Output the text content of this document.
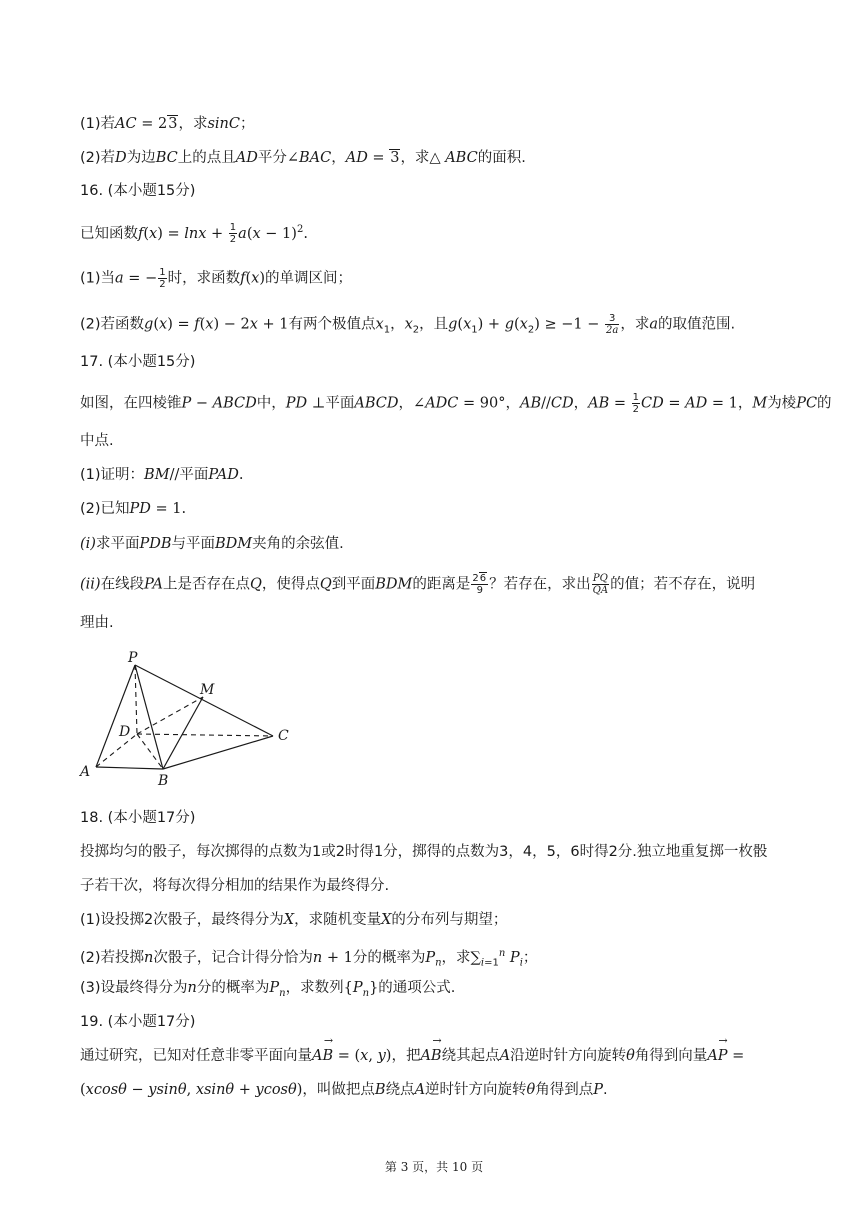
(1)若AC = 23，求sinC；
(2)若D为边BC上的点且AD平分∠BAC，AD = 3，求△ ABC的面积.
16. (本小题15分)
已知函数$f(x) = \ln x + \frac{1}{2} a(x - 1)^2$.
(1)当a = − $\frac{1}{2}$ 时，求函数f(x)的单调区间；
(2)若函数g(x) = f(x) − 2x + 1有两个极值点$x_1$，$x_2$，且$g(x_1) + g(x_2) \ge -1 - \frac{3}{2a}$ ，求a的取值范围.
17. (本小题15分)
如图，在四棱锥P − ABCD中，PD ⊥平面ABCD，∠ADC = 90°，AB//CD，AB = $\frac{1}{2}$ CD = AD = 1，M为棱PC的
中点.
(1)证明：BM//平面PAD.
(2)已知PD = 1.
(i)求平面PDB与平面BDM夹角的余弦值.
(ii)在线段PA上是否存在点Q，使得点Q到平面BDM的距离是 $\frac{26}{9}$ ？若存在，求出 $\frac{PQ}{QA}$ 的值；若不存在，说明
理由.
P
M
D	C
A
B
18. (本小题17分)
投掷均匀的骰子，每次掷得的点数为1或2时得1分，掷得的点数为3，4，5，6时得2分.独立地重复掷一枚骰
子若干次，将每次得分相加的结果作为最终得分.
(1)设投掷2次骰子，最终得分为X，求随机变量X的分布列与期望；
(2)若投掷n次骰子，记合计得分恰为n + 1分的概率为$P_n$，求$\sum_{i=1}^n$ $P_i$；
(3)设最终得分为n分的概率为$P_n$，求数列$\{P_n\}$的通项公式.
19. (本小题17分)
通过研究，已知对任意非零平面向量→ AB = (x, y)，把→ AB绕其起点A沿逆时针方向旋转θ角得到向量→ AP =
(xcosθ − ysinθ, xsinθ + ycosθ)，叫做把点B绕点A逆时针方向旋转θ角得到点P.
第 3 页，共 10 页
